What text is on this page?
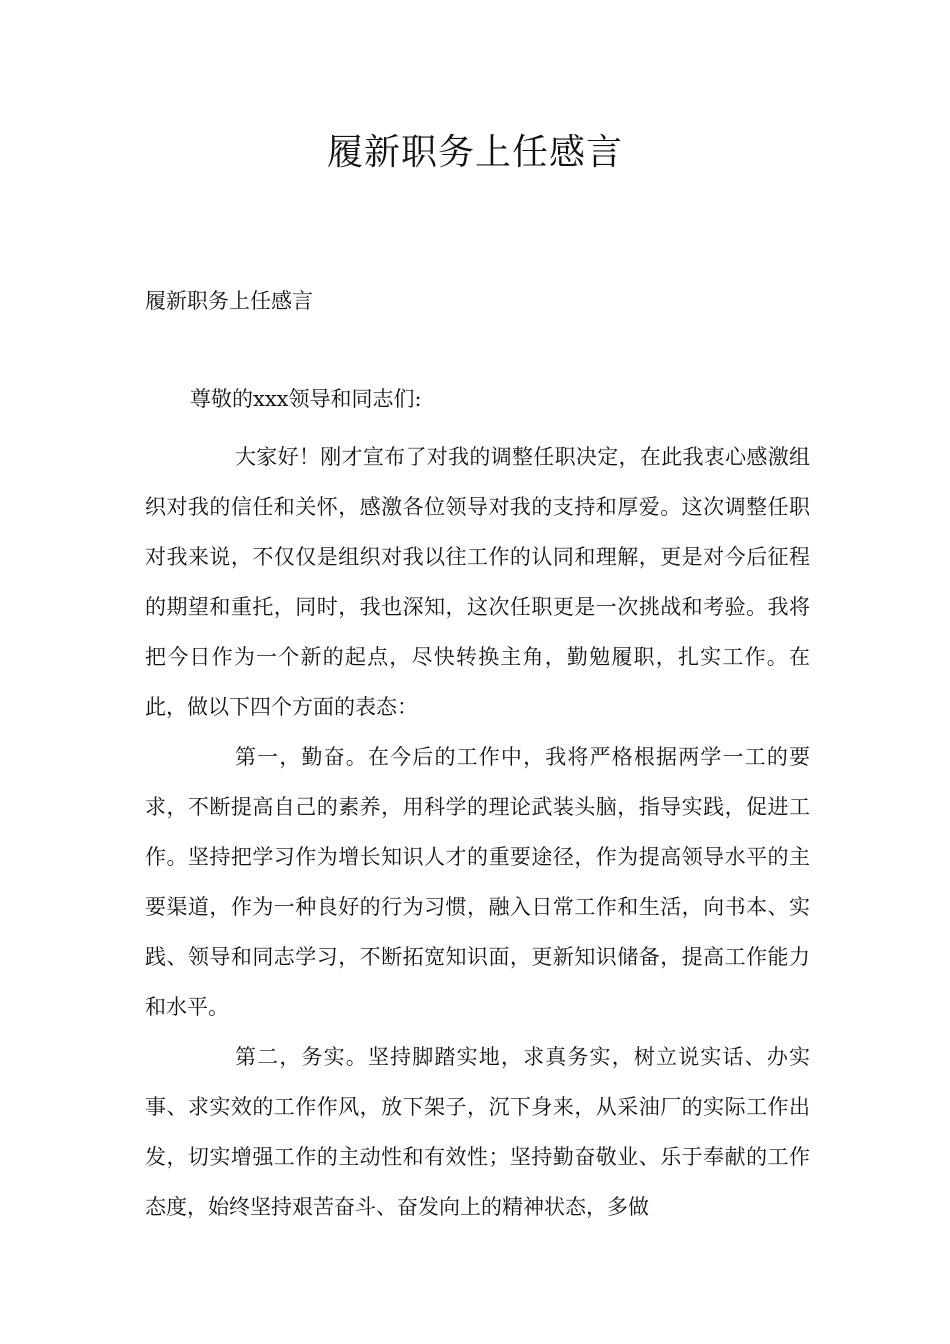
履新职务上任感言

履新职务上任感言

尊敬的xxx领导和同志们:

大家好！刚才宣布了对我的调整任职决定，在此我衷心感激组织对我的信任和关怀，感激各位领导对我的支持和厚爱。这次调整任职对我来说，不仅仅是组织对我以往工作的认同和理解，更是对今后征程的期望和重托，同时，我也深知，这次任职更是一次挑战和考验。我将把今日作为一个新的起点，尽快转换主角，勤勉履职，扎实工作。在此，做以下四个方面的表态：

第一，勤奋。在今后的工作中，我将严格根据两学一工的要求，不断提高自己的素养，用科学的理论武装头脑，指导实践，促进工作。坚持把学习作为增长知识人才的重要途径，作为提高领导水平的主要渠道，作为一种良好的行为习惯，融入日常工作和生活，向书本、实践、领导和同志学习，不断拓宽知识面，更新知识储备，提高工作能力和水平。

第二，务实。坚持脚踏实地，求真务实，树立说实话、办实事、求实效的工作作风，放下架子，沉下身来，从采油厂的实际工作出发，切实增强工作的主动性和有效性；坚持勤奋敬业、乐于奉献的工作态度，始终坚持艰苦奋斗、奋发向上的精神状态，多做
